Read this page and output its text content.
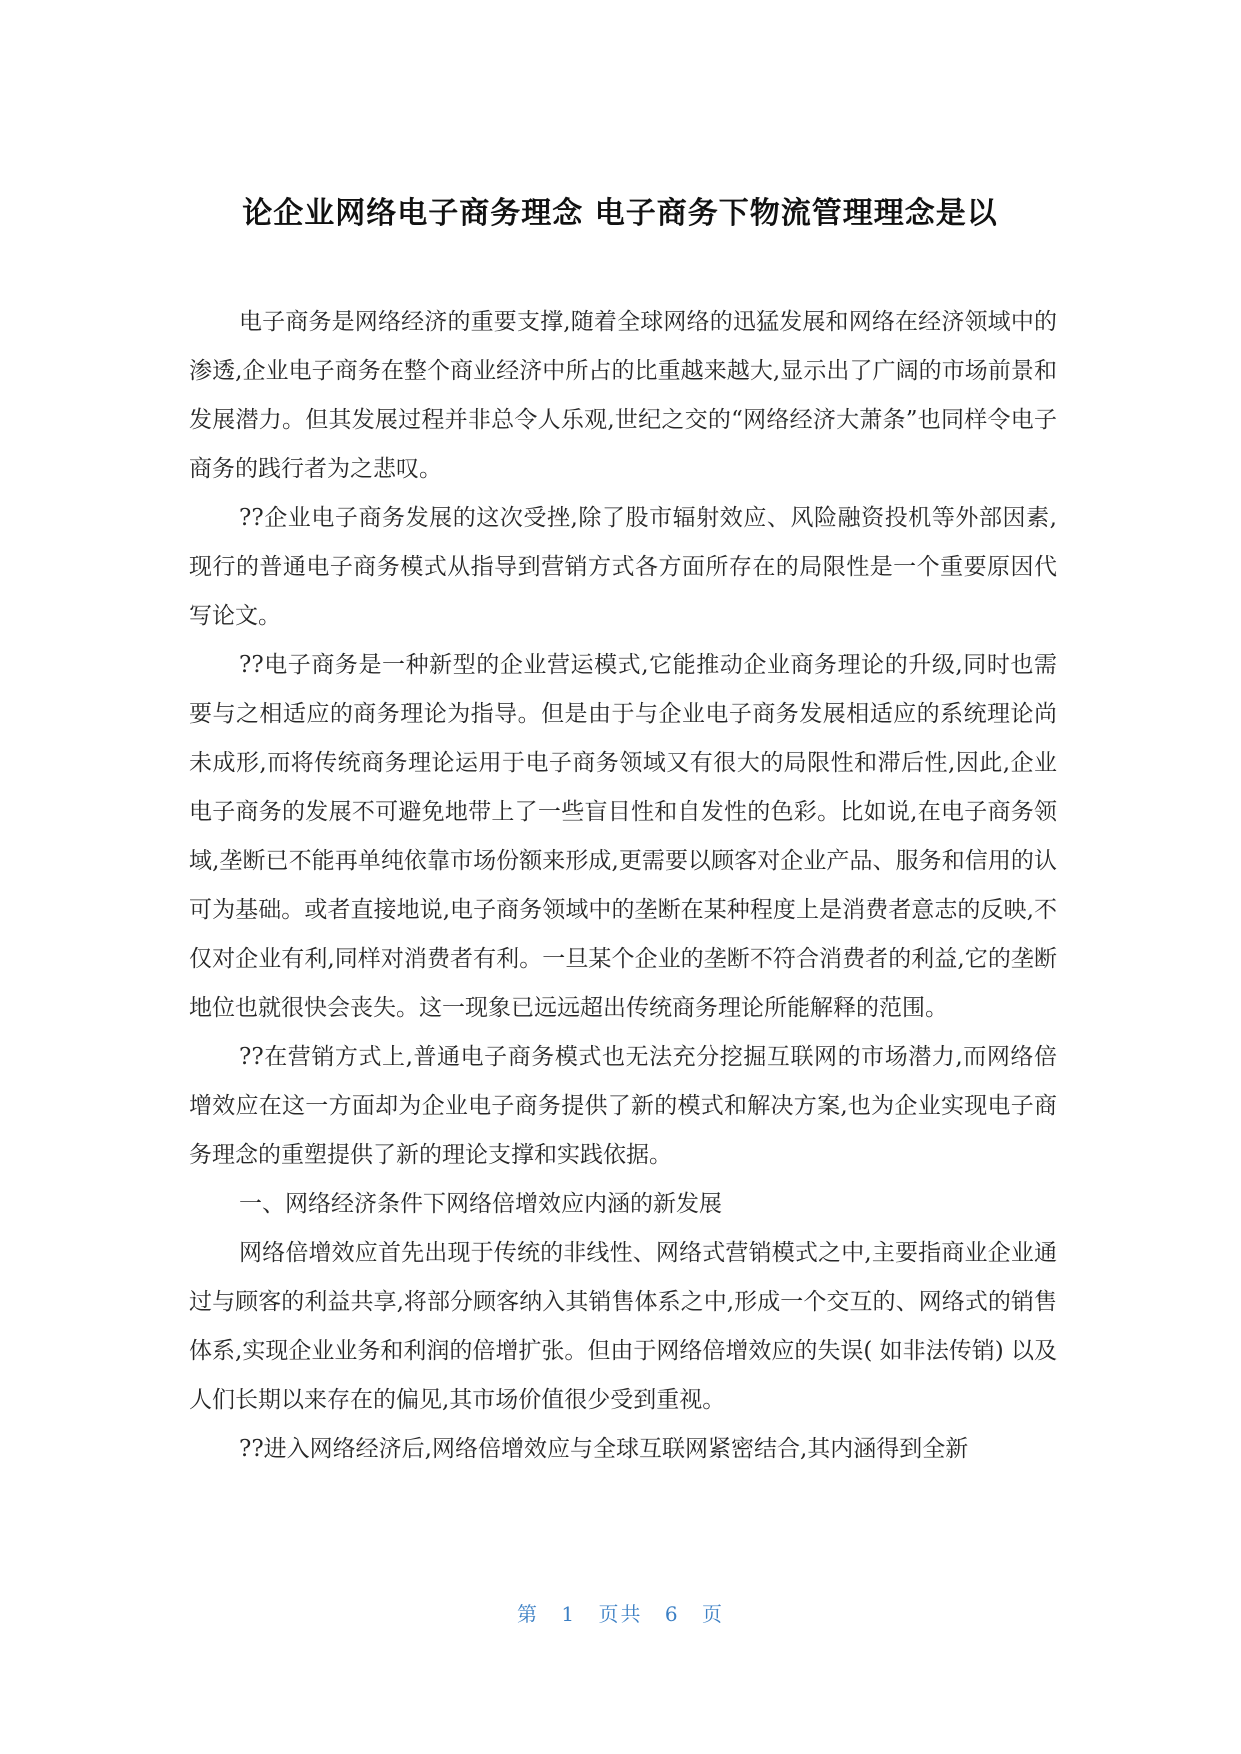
论企业网络电子商务理念 电子商务下物流管理理念是以

电子商务是网络经济的重要支撑,随着全球网络的迅猛发展和网络在经济领域中的渗透,企业电子商务在整个商业经济中所占的比重越来越大,显示出了广阔的市场前景和发展潜力。但其发展过程并非总令人乐观,世纪之交的“网络经济大萧条”也同样令电子商务的践行者为之悲叹。

??企业电子商务发展的这次受挫,除了股市辐射效应、风险融资投机等外部因素,现行的普通电子商务模式从指导到营销方式各方面所存在的局限性是一个重要原因代写论文。

??电子商务是一种新型的企业营运模式,它能推动企业商务理论的升级,同时也需要与之相适应的商务理论为指导。但是由于与企业电子商务发展相适应的系统理论尚未成形,而将传统商务理论运用于电子商务领域又有很大的局限性和滞后性,因此,企业电子商务的发展不可避免地带上了一些盲目性和自发性的色彩。比如说,在电子商务领域,垄断已不能再单纯依靠市场份额来形成,更需要以顾客对企业产品、服务和信用的认可为基础。或者直接地说,电子商务领域中的垄断在某种程度上是消费者意志的反映,不仅对企业有利,同样对消费者有利。一旦某个企业的垄断不符合消费者的利益,它的垄断地位也就很快会丧失。这一现象已远远超出传统商务理论所能解释的范围。

??在营销方式上,普通电子商务模式也无法充分挖掘互联网的市场潜力,而网络倍增效应在这一方面却为企业电子商务提供了新的模式和解决方案,也为企业实现电子商务理念的重塑提供了新的理论支撑和实践依据。

一、网络经济条件下网络倍增效应内涵的新发展

网络倍增效应首先出现于传统的非线性、网络式营销模式之中,主要指商业企业通过与顾客的利益共享,将部分顾客纳入其销售体系之中,形成一个交互的、网络式的销售体系,实现企业业务和利润的倍增扩张。但由于网络倍增效应的失误( 如非法传销) 以及人们长期以来存在的偏见,其市场价值很少受到重视。

??进入网络经济后,网络倍增效应与全球互联网紧密结合,其内涵得到全新

第 1 页共 6 页
